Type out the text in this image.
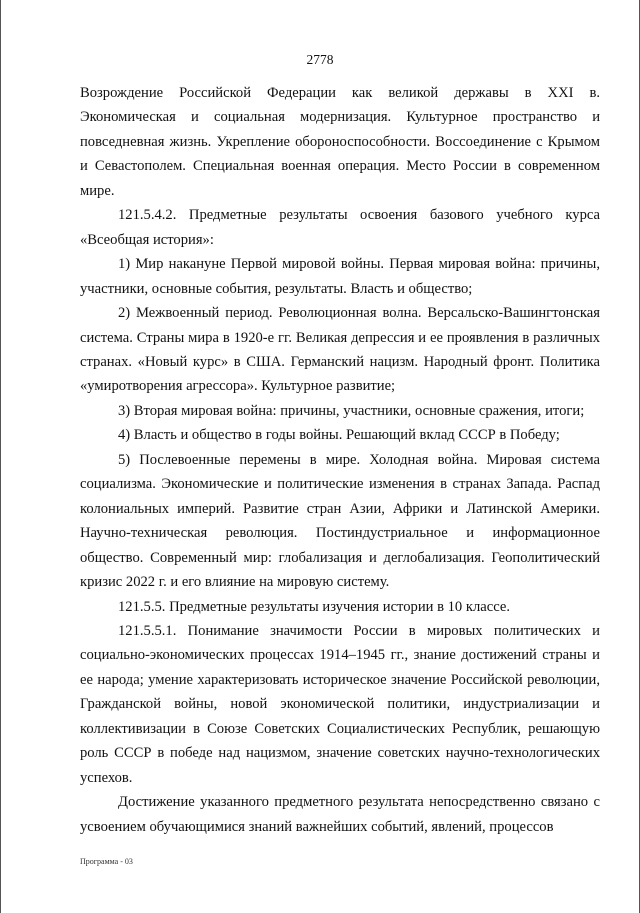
2778

Возрождение Российской Федерации как великой державы в XXI в. Экономическая и социальная модернизация. Культурное пространство и повседневная жизнь. Укрепление обороноспособности. Воссоединение с Крымом и Севастополем. Специальная военная операция. Место России в современном мире.

121.5.4.2. Предметные результаты освоения базового учебного курса «Всеобщая история»:

1) Мир накануне Первой мировой войны. Первая мировая война: причины, участники, основные события, результаты. Власть и общество;

2) Межвоенный период. Революционная волна. Версальско-Вашингтонская система. Страны мира в 1920-е гг. Великая депрессия и ее проявления в различных странах. «Новый курс» в США. Германский нацизм. Народный фронт. Политика «умиротворения агрессора». Культурное развитие;

3) Вторая мировая война: причины, участники, основные сражения, итоги;

4) Власть и общество в годы войны. Решающий вклад СССР в Победу;

5) Послевоенные перемены в мире. Холодная война. Мировая система социализма. Экономические и политические изменения в странах Запада. Распад колониальных империй. Развитие стран Азии, Африки и Латинской Америки. Научно-техническая революция. Постиндустриальное и информационное общество. Современный мир: глобализация и деглобализация. Геополитический кризис 2022 г. и его влияние на мировую систему.

121.5.5. Предметные результаты изучения истории в 10 классе.

121.5.5.1. Понимание значимости России в мировых политических и социально-экономических процессах 1914–1945 гг., знание достижений страны и ее народа; умение характеризовать историческое значение Российской революции, Гражданской войны, новой экономической политики, индустриализации и коллективизации в Союзе Советских Социалистических Республик, решающую роль СССР в победе над нацизмом, значение советских научно-технологических успехов.

Достижение указанного предметного результата непосредственно связано с усвоением обучающимися знаний важнейших событий, явлений, процессов

Программа - 03
